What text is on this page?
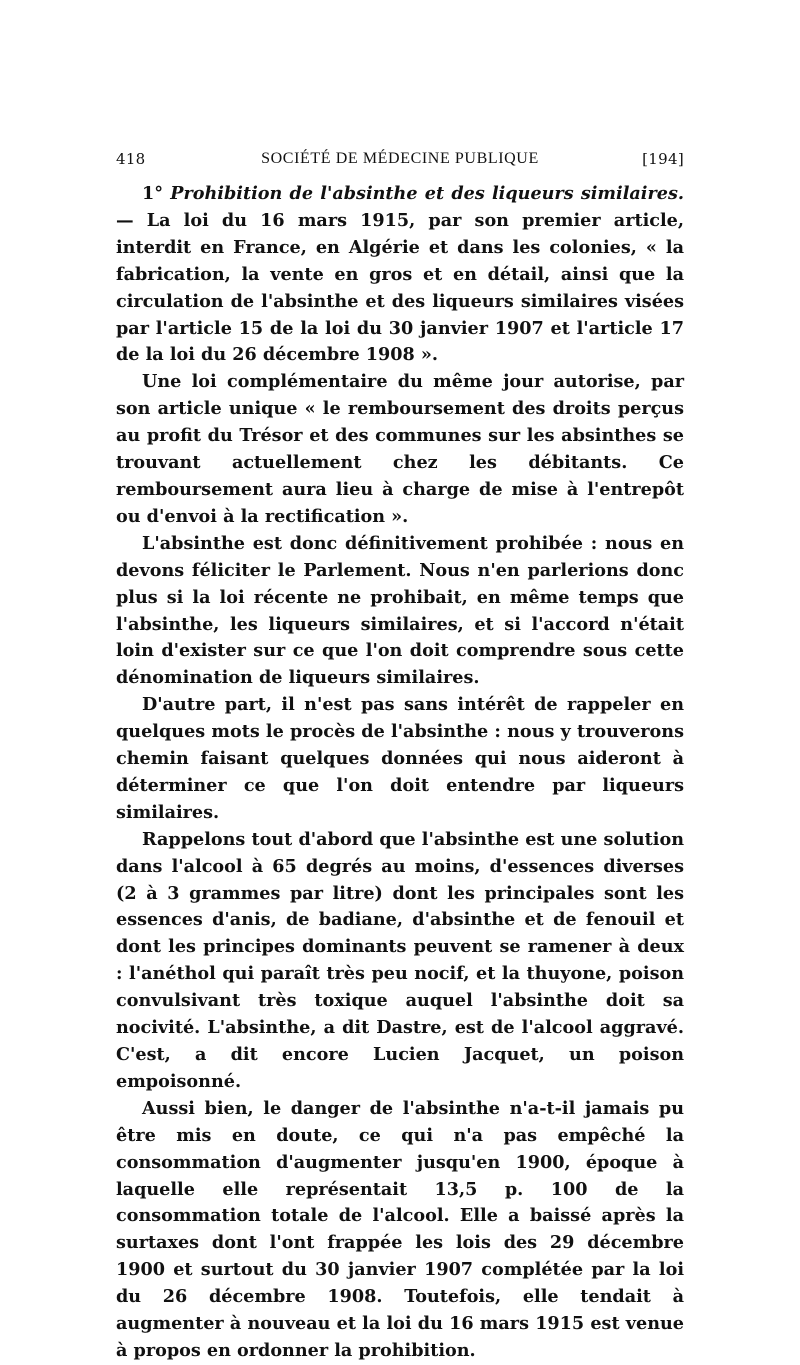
418	SOCIÉTÉ DE MÉDECINE PUBLIQUE	[194]

1° Prohibition de l'absinthe et des liqueurs similaires. — La loi du 16 mars 1915, par son premier article, interdit en France, en Algérie et dans les colonies, « la fabrication, la vente en gros et en détail, ainsi que la circulation de l'absinthe et des liqueurs similaires visées par l'article 15 de la loi du 30 janvier 1907 et l'article 17 de la loi du 26 décembre 1908 ».

Une loi complémentaire du même jour autorise, par son article unique « le remboursement des droits perçus au profit du Trésor et des communes sur les absinthes se trouvant actuellement chez les débitants. Ce remboursement aura lieu à charge de mise à l'entrepôt ou d'envoi à la rectification ».

L'absinthe est donc définitivement prohibée : nous en devons féliciter le Parlement. Nous n'en parlerions donc plus si la loi récente ne prohibait, en même temps que l'absinthe, les liqueurs similaires, et si l'accord n'était loin d'exister sur ce que l'on doit comprendre sous cette dénomination de liqueurs similaires.

D'autre part, il n'est pas sans intérêt de rappeler en quelques mots le procès de l'absinthe : nous y trouverons chemin faisant quelques données qui nous aideront à déterminer ce que l'on doit entendre par liqueurs similaires.

Rappelons tout d'abord que l'absinthe est une solution dans l'alcool à 65 degrés au moins, d'essences diverses (2 à 3 grammes par litre) dont les principales sont les essences d'anis, de badiane, d'absinthe et de fenouil et dont les principes dominants peuvent se ramener à deux : l'anéthol qui paraît très peu nocif, et la thuyone, poison convulsivant très toxique auquel l'absinthe doit sa nocivité. L'absinthe, a dit Dastre, est de l'alcool aggravé. C'est, a dit encore Lucien Jacquet, un poison empoisonné.

Aussi bien, le danger de l'absinthe n'a-t-il jamais pu être mis en doute, ce qui n'a pas empêché la consommation d'augmenter jusqu'en 1900, époque à laquelle elle représentait 13,5 p. 100 de la consommation totale de l'alcool. Elle a baissé après la surtaxes dont l'ont frappée les lois des 29 décembre 1900 et surtout du 30 janvier 1907 complétée par la loi du 26 décembre 1908. Toutefois, elle tendait à augmenter à nouveau et la loi du 16 mars 1915 est venue à propos en ordonner la prohibition.
